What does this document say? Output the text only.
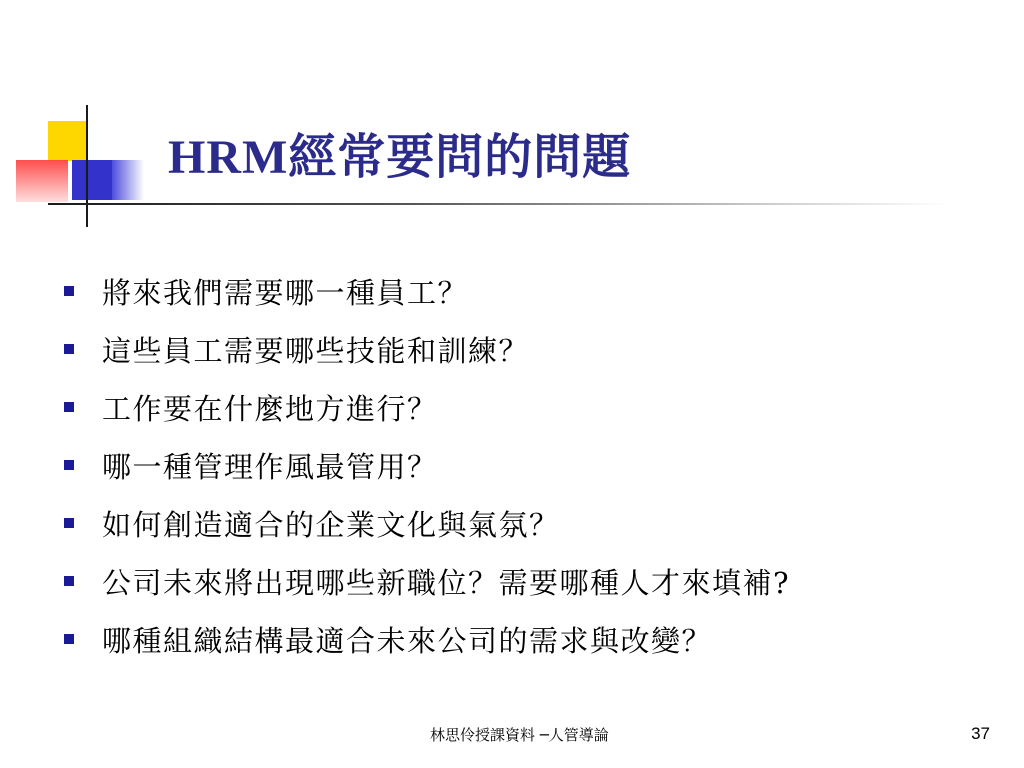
HRM經常要問的問題
將來我們需要哪一種員工？
這些員工需要哪些技能和訓練？
工作要在什麼地方進行？
哪一種管理作風最管用？
如何創造適合的企業文化與氣氛？
公司未來將出現哪些新職位？需要哪種人才來填補?
哪種組織結構最適合未來公司的需求與改變？
林思伶授課資料 ─人管導論	37
